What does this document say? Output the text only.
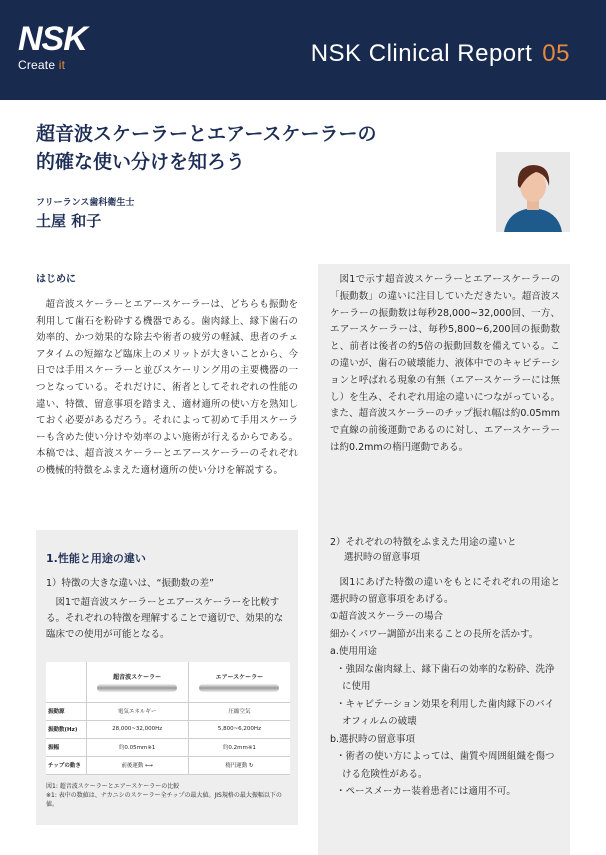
NSK
Create it	NSK Clinical Report 05
超音波スケーラーとエアースケーラーの
的確な使い分けを知ろう
フリーランス歯科衛生士
土屋 和子
はじめに
超音波スケーラーとエアースケーラーは、どちらも振動を利用して歯石を粉砕する機器である。歯肉縁上、縁下歯石の効率的、かつ効果的な除去や術者の疲労の軽減、患者のチェアタイムの短縮など臨床上のメリットが大きいことから、今日では手用スケーラーと並びスケーリング用の主要機器の一つとなっている。それだけに、術者としてそれぞれの性能の違い、特徴、留意事項を踏まえ、適材適所の使い方を熟知しておく必要があるだろう。それによって初めて手用スケーラーも含めた使い分けや効率のよい施術が行えるからである。本稿では、超音波スケーラーとエアースケーラーのそれぞれの機械的特徴をふまえた適材適所の使い分けを解説する。
1.性能と用途の違い
1）特徴の大きな違いは、“振動数の差”
図1で超音波スケーラーとエアースケーラーを比較する。それぞれの特徴を理解することで適切で、効果的な臨床での使用が可能となる。
	超音波スケーラー	エアースケーラー

振動源	電気エネルギー	圧縮空気
振動数(Hz)	28,000~32,000Hz	5,800~6,200Hz
振幅	約0.05mm※1	約0.2mm※1
チップの動き	前後運動 ⟷	楕円運動 ↻
図1: 超音波スケーラーとエアースケーラーの比較
※1: 表中の数値は、ナカニシのスケーラー全チップの最大値。JIS規格の最大振幅以下の値。
図1で示す超音波スケーラーとエアースケーラーの「振動数」の違いに注目していただきたい。超音波スケーラーの振動数は毎秒28,000~32,000回、一方、エアースケーラーは、毎秒5,800~6,200回の振動数と、前者は後者の約5倍の振動回数を備えている。この違いが、歯石の破壊能力、液体中でのキャビテーションと呼ばれる現象の有無（エアースケーラーには無し）を生み、それぞれ用途の違いにつながっている。また、超音波スケーラーのチップ振れ幅は約0.05mmで直線の前後運動であるのに対し、エアースケーラーは約0.2mmの楕円運動である。
2）それぞれの特徴をふまえた用途の違いと
選択時の留意事項
図1にあげた特徴の違いをもとにそれぞれの用途と選択時の留意事項をあげる。
①超音波スケーラーの場合
細かくパワー調節が出来ることの長所を活かす。
a.使用用途
・強固な歯肉縁上、縁下歯石の効率的な粉砕、洗浄に使用
・キャビテーション効果を利用した歯肉縁下のバイオフィルムの破壊
b.選択時の留意事項
・術者の使い方によっては、歯質や周囲組織を傷つける危険性がある。
・ペースメーカー装着患者には適用不可。
